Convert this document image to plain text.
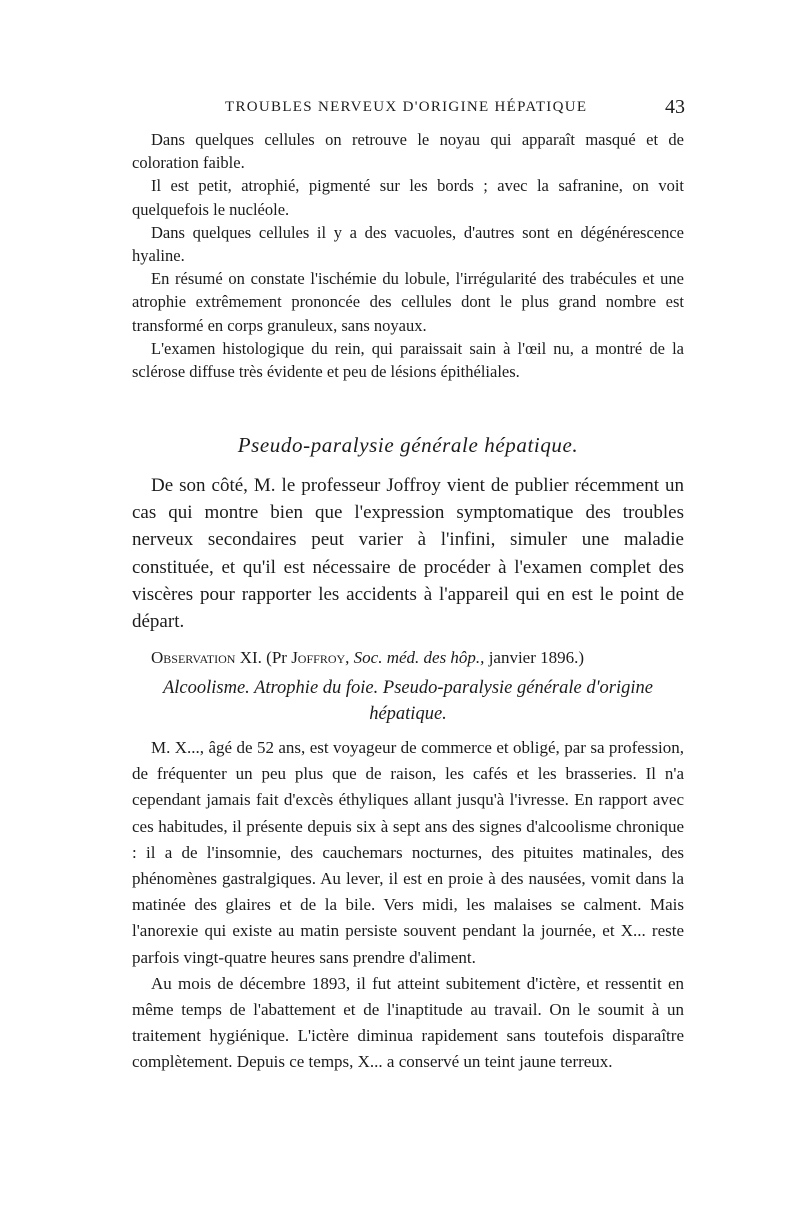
TROUBLES NERVEUX D'ORIGINE HÉPATIQUE	43

Dans quelques cellules on retrouve le noyau qui apparaît masqué et de coloration faible.

Il est petit, atrophié, pigmenté sur les bords ; avec la safranine, on voit quelquefois le nucléole.

Dans quelques cellules il y a des vacuoles, d'autres sont en dégénérescence hyaline.

En résumé on constate l'ischémie du lobule, l'irrégularité des trabécules et une atrophie extrêmement prononcée des cellules dont le plus grand nombre est transformé en corps granuleux, sans noyaux.

L'examen histologique du rein, qui paraissait sain à l'œil nu, a montré de la sclérose diffuse très évidente et peu de lésions épithéliales.

Pseudo-paralysie générale hépatique.

De son côté, M. le professeur Joffroy vient de publier récemment un cas qui montre bien que l'expression symptomatique des troubles nerveux secondaires peut varier à l'infini, simuler une maladie constituée, et qu'il est nécessaire de procéder à l'examen complet des viscères pour rapporter les accidents à l'appareil qui en est le point de départ.

Observation XI. (Pr Joffroy, Soc. méd. des hôp., janvier 1896.)

Alcoolisme. Atrophie du foie. Pseudo-paralysie générale d'origine hépatique.

M. X..., âgé de 52 ans, est voyageur de commerce et obligé, par sa profession, de fréquenter un peu plus que de raison, les cafés et les brasseries. Il n'a cependant jamais fait d'excès éthyliques allant jusqu'à l'ivresse. En rapport avec ces habitudes, il présente depuis six à sept ans des signes d'alcoolisme chronique : il a de l'insomnie, des cauchemars nocturnes, des pituites matinales, des phénomènes gastralgiques. Au lever, il est en proie à des nausées, vomit dans la matinée des glaires et de la bile. Vers midi, les malaises se calment. Mais l'anorexie qui existe au matin persiste souvent pendant la journée, et X... reste parfois vingt-quatre heures sans prendre d'aliment.

Au mois de décembre 1893, il fut atteint subitement d'ictère, et ressentit en même temps de l'abattement et de l'inaptitude au travail. On le soumit à un traitement hygiénique. L'ictère diminua rapidement sans toutefois disparaître complètement. Depuis ce temps, X... a conservé un teint jaune terreux.
